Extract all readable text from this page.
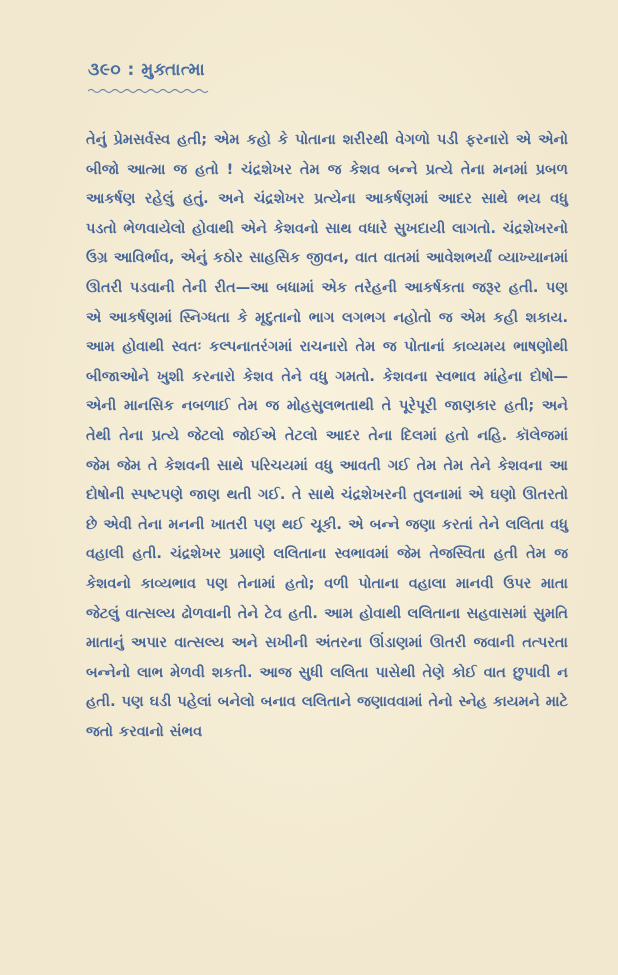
૩૯૦ : મુક્તાત્મા

તેનું પ્રેમસર્વસ્વ હતી; એમ કહો કે પોતાના શરીરથી વેગળો પડી ફરનારો એ એનો બીજો આત્મા જ હતો ! ચંદ્રશેખર તેમ જ કેશવ બન્ને પ્રત્યે તેના મનમાં પ્રબળ આકર્ષણ રહેલું હતું. અને ચંદ્રશેખર પ્રત્યેના આકર્ષણમાં આદર સાથે ભય વધુ પડતો ભેળવાયેલો હોવાથી એને કેશવનો સાથ વધારે સુખદાયી લાગતો. ચંદ્રશેખરનો ઉગ્ર આવિર્ભાવ, એનું કઠોર સાહસિક જીવન, વાત વાતમાં આવેશભર્યાં વ્યાખ્યાનમાં ઊતરી પડવાની તેની રીત—આ બધામાં એક તરેહની આકર્ષકતા જરૂર હતી. પણ એ આકર્ષણમાં સ્નિગ્ધતા કે મૃદુતાનો ભાગ લગભગ નહોતો જ એમ કહી શકાય. આમ હોવાથી સ્વતઃ કલ્પનાતરંગમાં રાચનારો તેમ જ પોતાનાં કાવ્યમય ભાષણોથી બીજાઓને ખુશી કરનારો કેશવ તેને વધુ ગમતો. કેશવના સ્વભાવ માંહેના દોષો—એની માનસિક નબળાઈ તેમ જ મોહસુલભતાથી તે પૂરેપૂરી જાણકાર હતી; અને તેથી તેના પ્રત્યે જેટલો જોઈએ તેટલો આદર તેના દિલમાં હતો નહિ. કૉલેજમાં જેમ જેમ તે કેશવની સાથે પરિચયમાં વધુ આવતી ગઈ તેમ તેમ તેને કેશવના આ દોષોની સ્પષ્ટપણે જાણ થતી ગઈ. તે સાથે ચંદ્રશેખરની તુલનામાં એ ઘણો ઊતરતો છે એવી તેના મનની ખાતરી પણ થઈ ચૂકી. એ બન્ને જણા કરતાં તેને લલિતા વધુ વહાલી હતી. ચંદ્રશેખર પ્રમાણે લલિતાના સ્વભાવમાં જેમ તેજસ્વિતા હતી તેમ જ કેશવનો કાવ્યભાવ પણ તેનામાં હતો; વળી પોતાના વહાલા માનવી ઉપર માતા જેટલું વાત્સલ્ય ઢોળવાની તેને ટેવ હતી. આમ હોવાથી લલિતાના સહવાસમાં સુમતિ માતાનું અપાર વાત્સલ્ય અને સખીની અંતરના ઊંડાણમાં ઊતરી જવાની તત્પરતા બન્નેનો લાભ મેળવી શકતી. આજ સુધી લલિતા પાસેથી તેણે કોઈ વાત છુપાવી ન હતી. પણ ઘડી પહેલાં બનેલો બનાવ લલિતાને જણાવવામાં તેનો સ્નેહ કાયમને માટે જતો કરવાનો સંભવ
